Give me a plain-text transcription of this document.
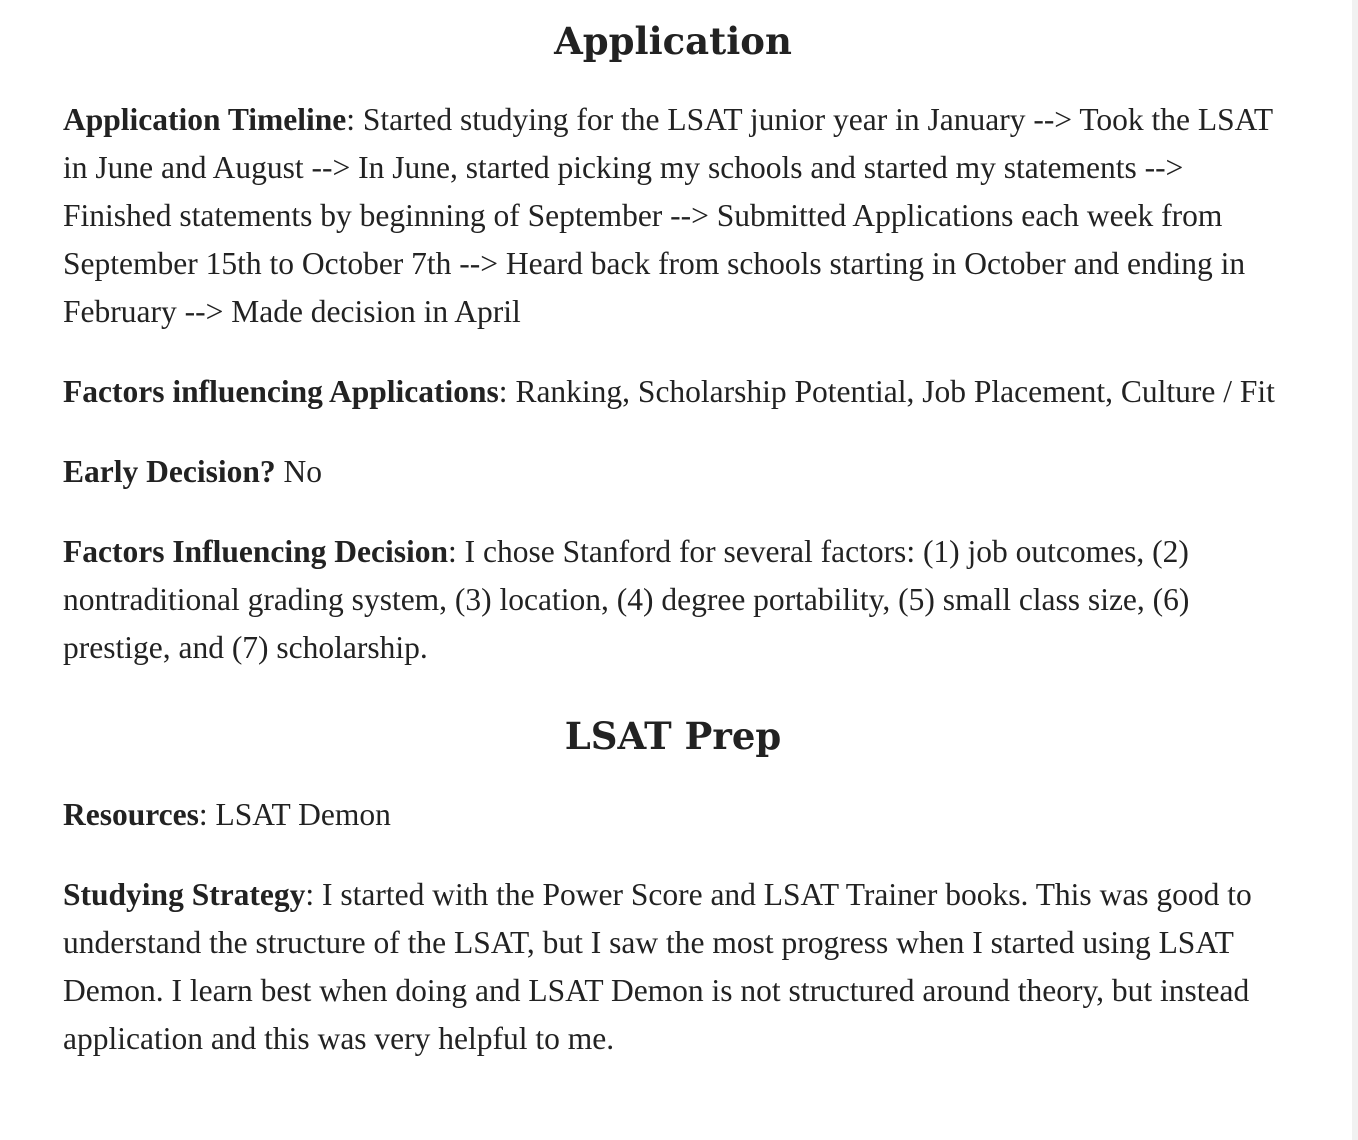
Application

Application Timeline: Started studying for the LSAT junior year in January --> Took the LSAT in June and August --> In June, started picking my schools and started my statements --> Finished statements by beginning of September --> Submitted Applications each week from September 15th to October 7th --> Heard back from schools starting in October and ending in February --> Made decision in April

Factors influencing Applications: Ranking, Scholarship Potential, Job Placement, Culture / Fit

Early Decision? No

Factors Influencing Decision: I chose Stanford for several factors: (1) job outcomes, (2) nontraditional grading system, (3) location, (4) degree portability, (5) small class size, (6) prestige, and (7) scholarship.

LSAT Prep

Resources: LSAT Demon

Studying Strategy: I started with the Power Score and LSAT Trainer books. This was good to understand the structure of the LSAT, but I saw the most progress when I started using LSAT Demon. I learn best when doing and LSAT Demon is not structured around theory, but instead application and this was very helpful to me.
